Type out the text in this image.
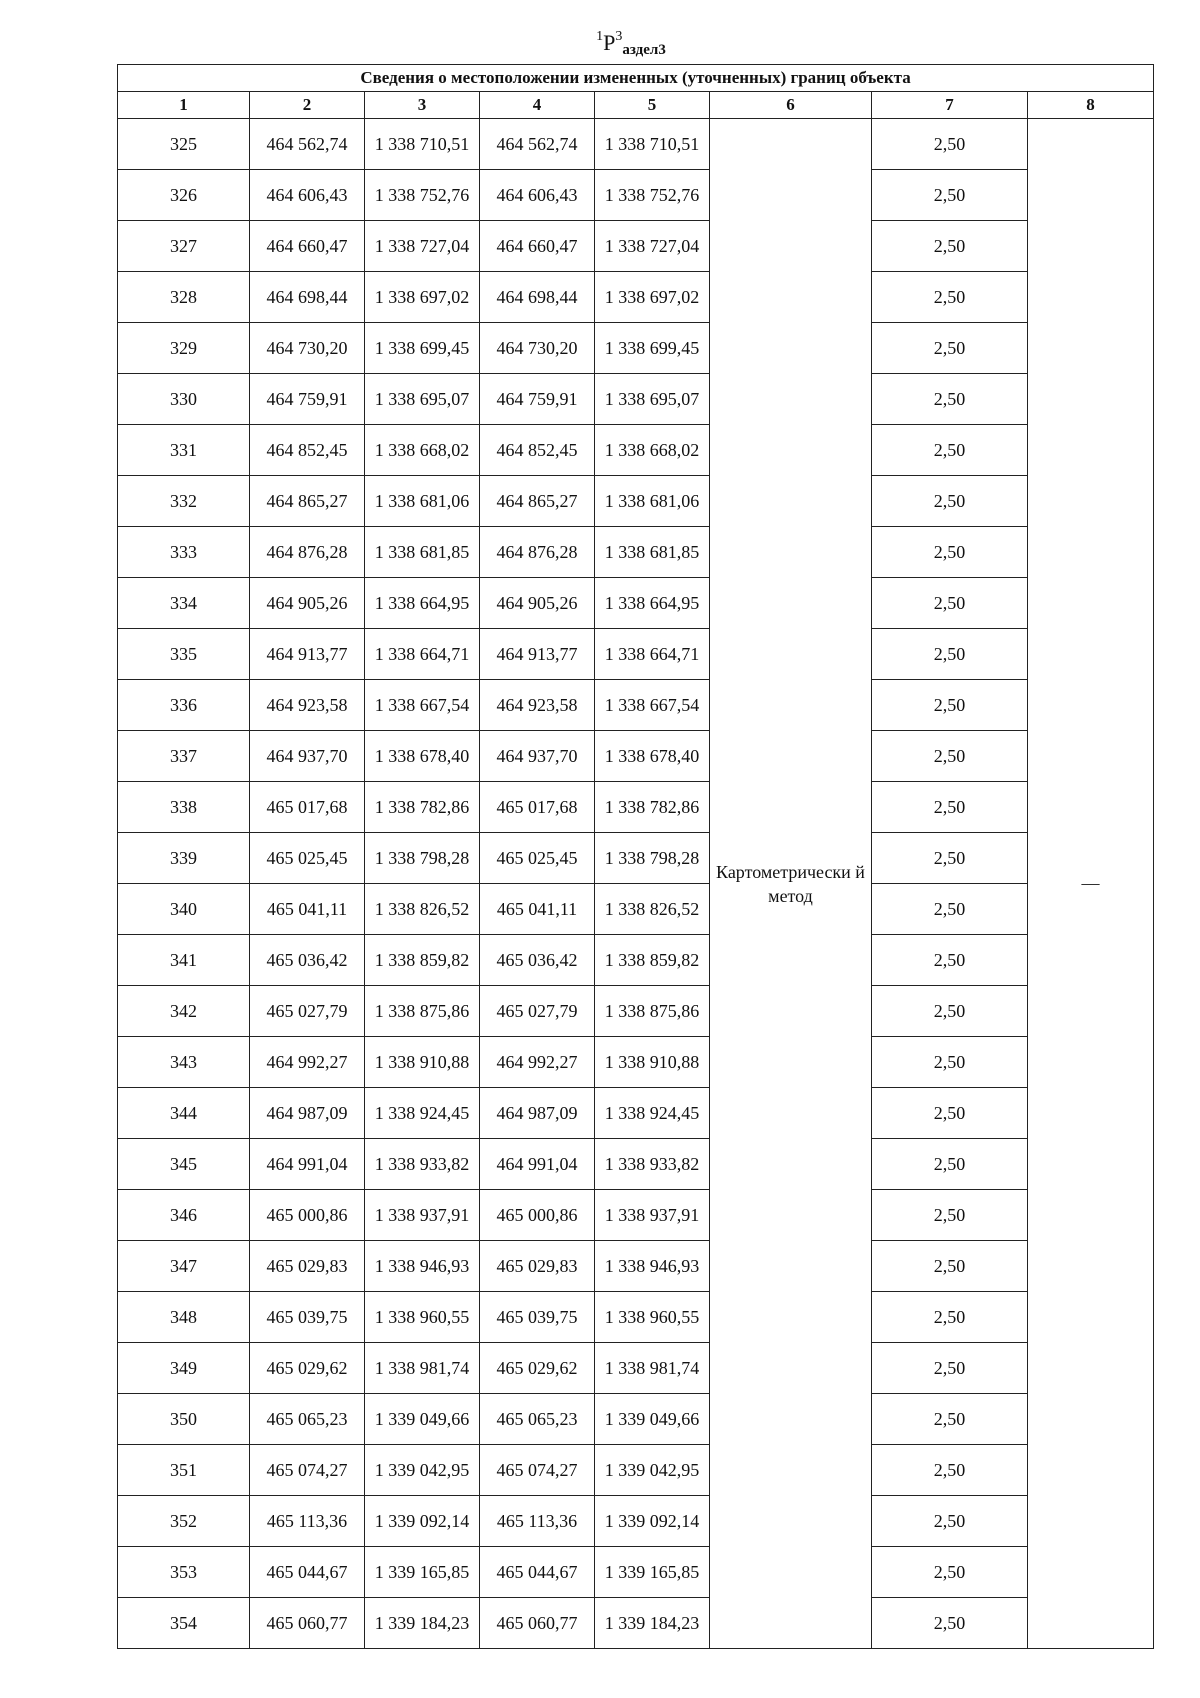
$^1Р^3_{аздел3}$
Сведения о местоположении измененных (уточненных) границ объекта							
1	2	3	4	5	6	7	8
325	464 562,74	1 338 710,51	464 562,74	1 338 710,51	Картометрически й метод	2,50	—
326	464 606,43	1 338 752,76	464 606,43	1 338 752,76		2,50	
327	464 660,47	1 338 727,04	464 660,47	1 338 727,04		2,50	
328	464 698,44	1 338 697,02	464 698,44	1 338 697,02		2,50	
329	464 730,20	1 338 699,45	464 730,20	1 338 699,45		2,50	
330	464 759,91	1 338 695,07	464 759,91	1 338 695,07		2,50	
331	464 852,45	1 338 668,02	464 852,45	1 338 668,02		2,50	
332	464 865,27	1 338 681,06	464 865,27	1 338 681,06		2,50	
333	464 876,28	1 338 681,85	464 876,28	1 338 681,85		2,50	
334	464 905,26	1 338 664,95	464 905,26	1 338 664,95		2,50	
335	464 913,77	1 338 664,71	464 913,77	1 338 664,71		2,50	
336	464 923,58	1 338 667,54	464 923,58	1 338 667,54		2,50	
337	464 937,70	1 338 678,40	464 937,70	1 338 678,40		2,50	
338	465 017,68	1 338 782,86	465 017,68	1 338 782,86		2,50	
339	465 025,45	1 338 798,28	465 025,45	1 338 798,28		2,50	
340	465 041,11	1 338 826,52	465 041,11	1 338 826,52		2,50	
341	465 036,42	1 338 859,82	465 036,42	1 338 859,82		2,50	
342	465 027,79	1 338 875,86	465 027,79	1 338 875,86		2,50	
343	464 992,27	1 338 910,88	464 992,27	1 338 910,88		2,50	
344	464 987,09	1 338 924,45	464 987,09	1 338 924,45		2,50	
345	464 991,04	1 338 933,82	464 991,04	1 338 933,82		2,50	
346	465 000,86	1 338 937,91	465 000,86	1 338 937,91		2,50	
347	465 029,83	1 338 946,93	465 029,83	1 338 946,93		2,50	
348	465 039,75	1 338 960,55	465 039,75	1 338 960,55		2,50	
349	465 029,62	1 338 981,74	465 029,62	1 338 981,74		2,50	
350	465 065,23	1 339 049,66	465 065,23	1 339 049,66		2,50	
351	465 074,27	1 339 042,95	465 074,27	1 339 042,95		2,50	
352	465 113,36	1 339 092,14	465 113,36	1 339 092,14		2,50	
353	465 044,67	1 339 165,85	465 044,67	1 339 165,85		2,50	
354	465 060,77	1 339 184,23	465 060,77	1 339 184,23		2,50	
